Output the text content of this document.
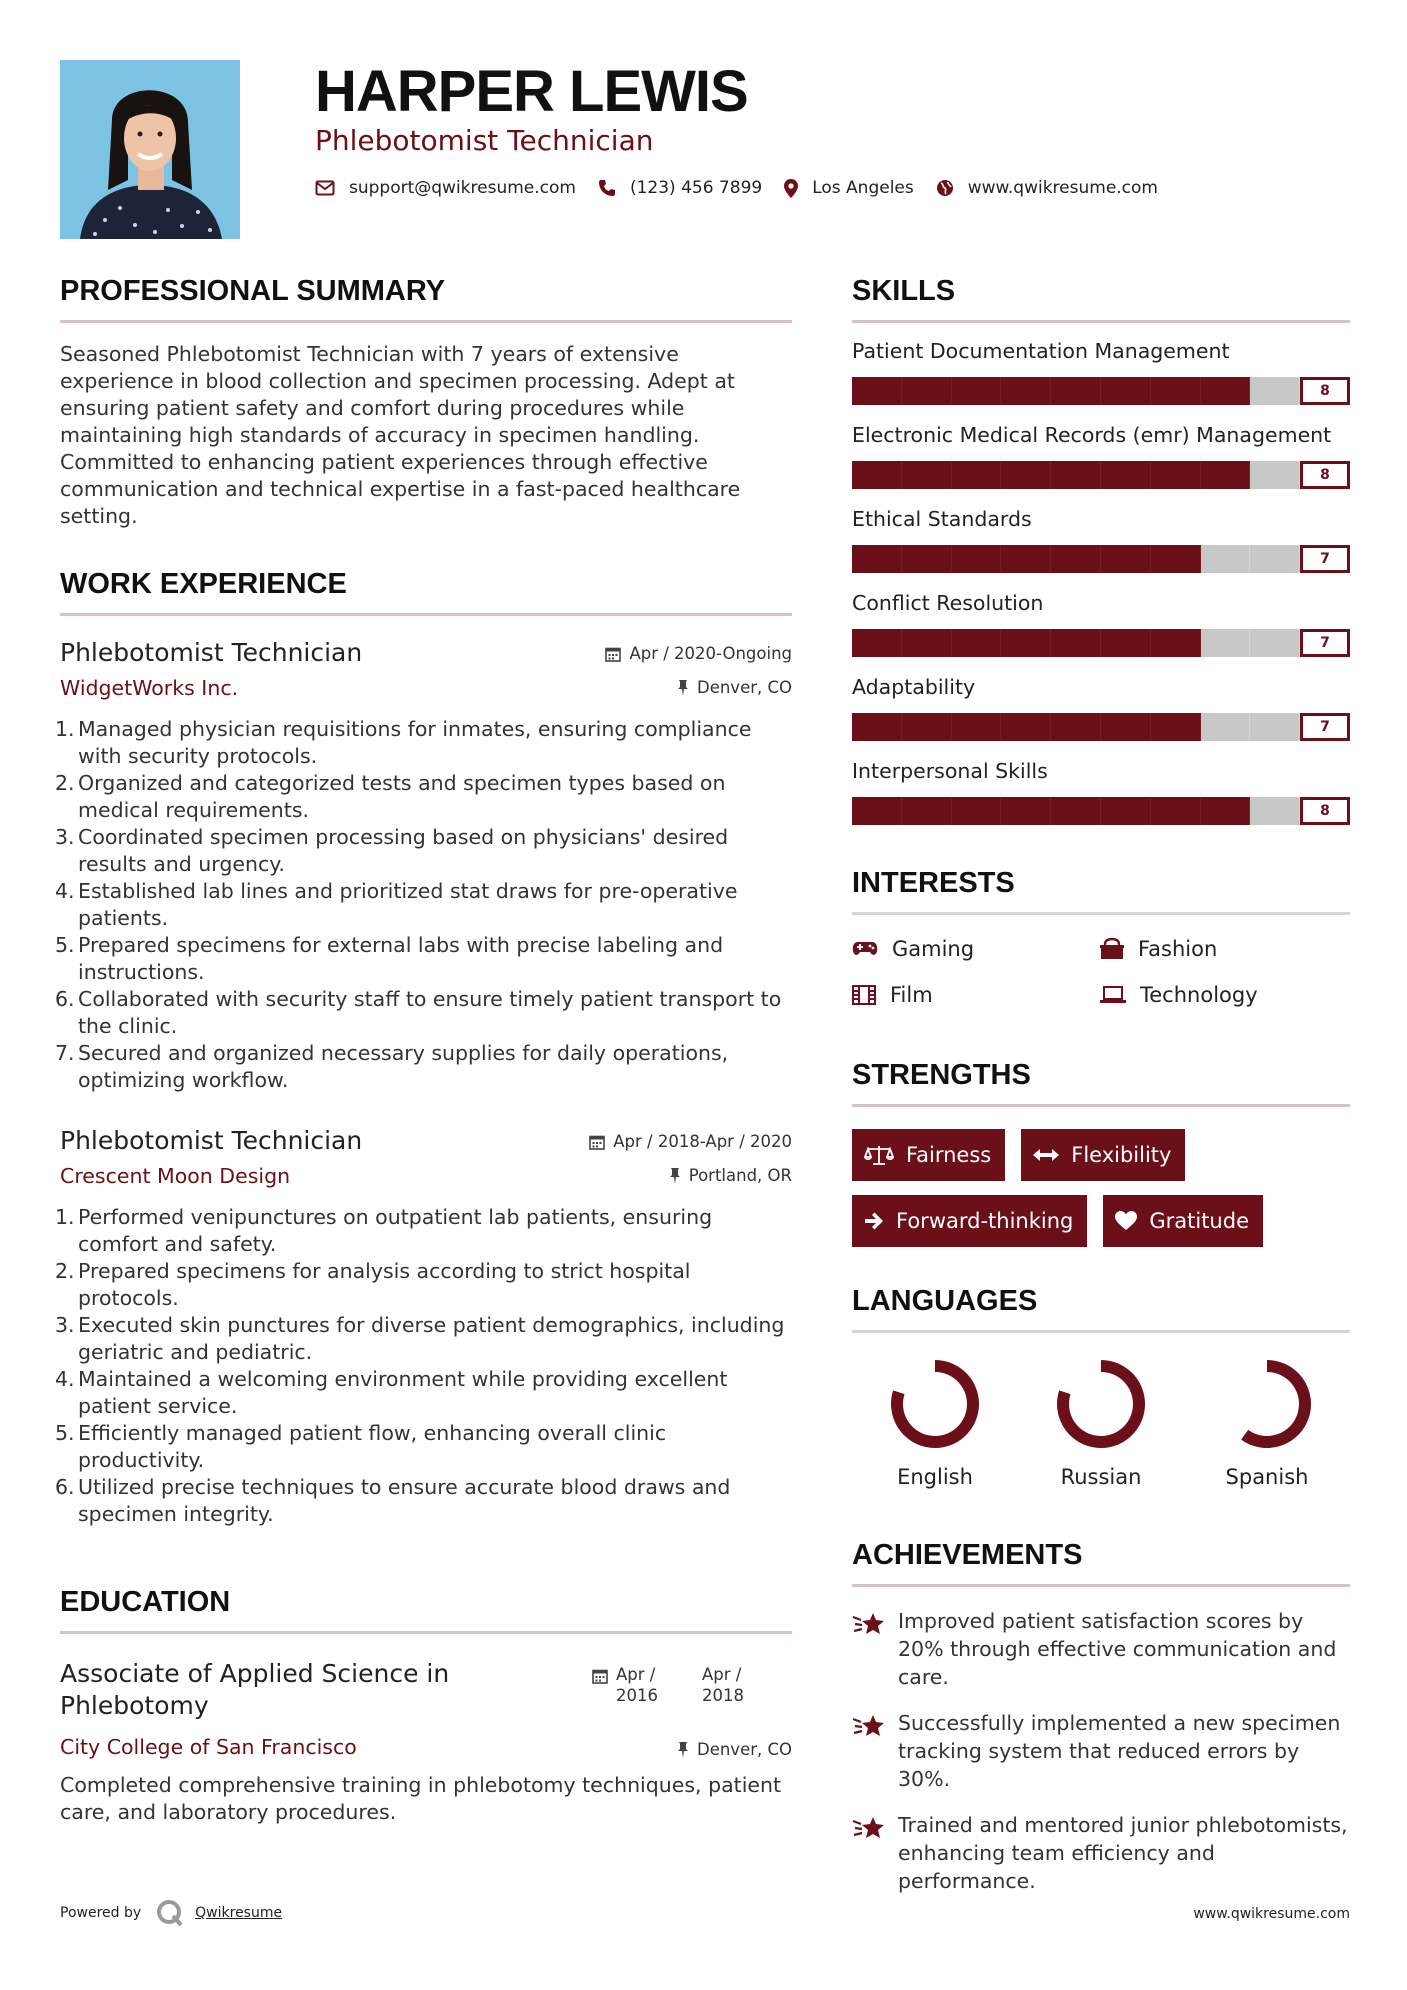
HARPER LEWIS
Phlebotomist Technician
support@qwikresume.com	(123) 456 7899	Los Angeles	www.qwikresume.com
PROFESSIONAL SUMMARY

Seasoned Phlebotomist Technician with 7 years of extensive experience in blood collection and specimen processing. Adept at ensuring patient safety and comfort during procedures while maintaining high standards of accuracy in specimen handling. Committed to enhancing patient experiences through effective communication and technical expertise in a fast-paced healthcare setting.

WORK EXPERIENCE
Phlebotomist Technician
WidgetWorks Inc.
Apr / 2020-Ongoing
Denver, CO
1. Managed physician requisitions for inmates, ensuring compliance with security protocols.
2. Organized and categorized tests and specimen types based on medical requirements.
3. Coordinated specimen processing based on physicians' desired results and urgency.
4. Established lab lines and prioritized stat draws for pre-operative patients.
5. Prepared specimens for external labs with precise labeling and instructions.
6. Collaborated with security staff to ensure timely patient transport to the clinic.
7. Secured and organized necessary supplies for daily operations, optimizing workflow.
Phlebotomist Technician
Crescent Moon Design
Apr / 2018-Apr / 2020
Portland, OR
1. Performed venipunctures on outpatient lab patients, ensuring comfort and safety.
2. Prepared specimens for analysis according to strict hospital protocols.
3. Executed skin punctures for diverse patient demographics, including geriatric and pediatric.
4. Maintained a welcoming environment while providing excellent patient service.
5. Efficiently managed patient flow, enhancing overall clinic productivity.
6. Utilized precise techniques to ensure accurate blood draws and specimen integrity.
EDUCATION
Associate of Applied Science in Phlebotomy
City College of San Francisco
Apr / 2016
Apr / 2018
Denver, CO

Completed comprehensive training in phlebotomy techniques, patient care, and laboratory procedures.

SKILLS
Patient Documentation Management
8
Electronic Medical Records (emr) Management
8
Ethical Standards
7
Conflict Resolution
7
Adaptability
7
Interpersonal Skills
8
INTERESTS
Gaming	Fashion
Film	Technology
STRENGTHS
Fairness	Flexibility
Forward-thinking	Gratitude
LANGUAGES
English	Russian	Spanish
ACHIEVEMENTS
Improved patient satisfaction scores by 20% through effective communication and care.
Successfully implemented a new specimen tracking system that reduced errors by 30%.
Trained and mentored junior phlebotomists, enhancing team efficiency and performance.
Powered by	Qwikresume	www.qwikresume.com
